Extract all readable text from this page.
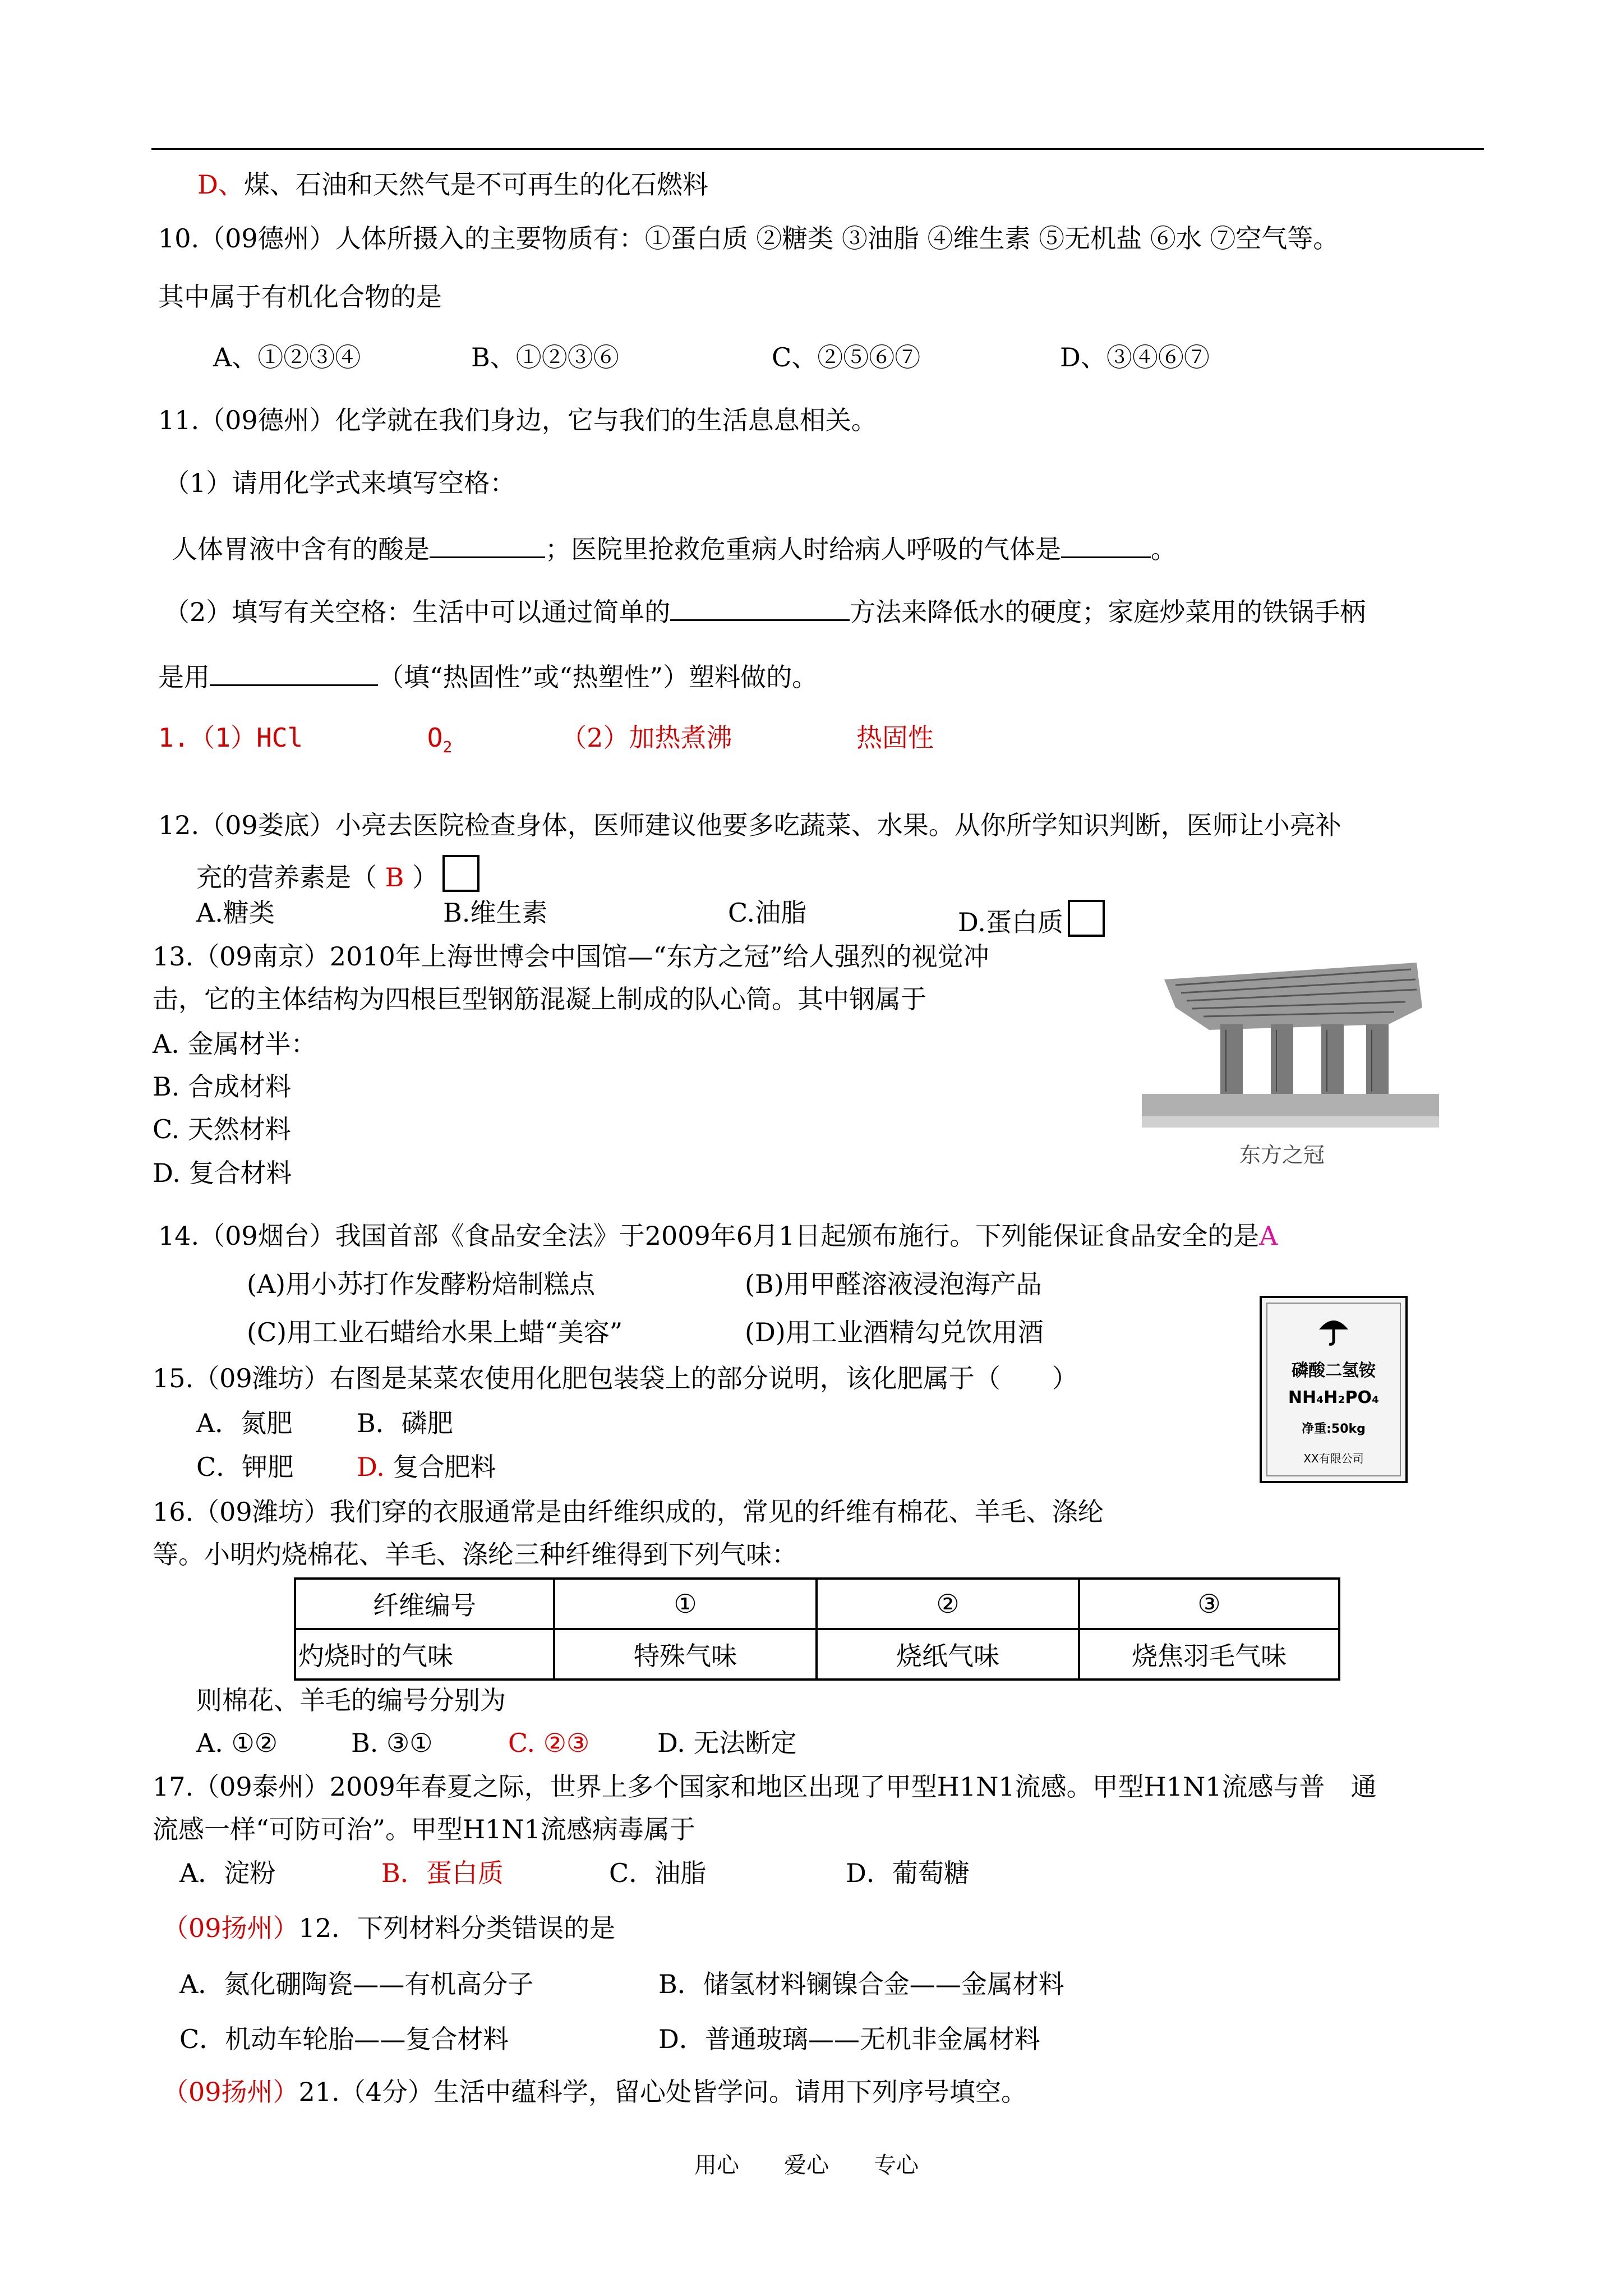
D、煤、石油和天然气是不可再生的化石燃料
10.（09德州）人体所摄入的主要物质有：①蛋白质 ②糖类 ③油脂 ④维生素 ⑤无机盐 ⑥水 ⑦空气等。
其中属于有机化合物的是
A、①②③④	B、①②③⑥	C、②⑤⑥⑦	D、③④⑥⑦
11.（09德州）化学就在我们身边，它与我们的生活息息相关。
（1）请用化学式来填写空格：
人体胃液中含有的酸是	；医院里抢救危重病人时给病人呼吸的气体是	。
（2）填写有关空格：生活中可以通过简单的	方法来降低水的硬度；家庭炒菜用的铁锅手柄
是用	（填“热固性”或“热塑性”）塑料做的。
1.（1）HCl	$O_2$	（2）加热煮沸	热固性
12.（09娄底）小亮去医院检查身体，医师建议他要多吃蔬菜、水果。从你所学知识判断，医师让小亮补
充的营养素是（ B ）
A.糖类	B.维生素	C.油脂	D.蛋白质
13.（09南京）2010年上海世博会中国馆—“东方之冠”给人强烈的视觉冲
击，它的主体结构为四根巨型钢筋混凝上制成的队心筒。其中钢属于
A. 金属材半：
B. 合成材料
C. 天然材料
D. 复合材料
东方之冠
14.（09烟台）我国首部《食品安全法》于2009年6月1日起颁布施行。下列能保证食品安全的是A
(A)用小苏打作发酵粉焙制糕点	(B)用甲醛溶液浸泡海产品
(C)用工业石蜡给水果上蜡“美容”	(D)用工业酒精勾兑饮用酒
磷酸二氢铵
NH₄H₂PO₄
净重:50kg
XX有限公司
15.（09潍坊）右图是某菜农使用化肥包装袋上的部分说明，该化肥属于（　　）
A．氮肥 B．磷肥
C．钾肥 D. 复合肥料
16.（09潍坊）我们穿的衣服通常是由纤维织成的，常见的纤维有棉花、羊毛、涤纶
等。小明灼烧棉花、羊毛、涤纶三种纤维得到下列气味：
纤维编号	①	②	③
灼烧时的气味	特殊气味	烧纸气味	烧焦羽毛气味
则棉花、羊毛的编号分别为
A. ①②	B. ③①	C. ②③	D. 无法断定
17.（09泰州）2009年春夏之际，世界上多个国家和地区出现了甲型H1N1流感。甲型H1N1流感与普　通
流感一样“可防可治”。甲型H1N1流感病毒属于
A．淀粉	B．蛋白质	C．油脂	D．葡萄糖
（09扬州）12．下列材料分类错误的是
A．氮化硼陶瓷——有机高分子	B．储氢材料镧镍合金——金属材料
C．机动车轮胎——复合材料	D．普通玻璃——无机非金属材料
（09扬州）21.（4分）生活中蕴科学，留心处皆学问。请用下列序号填空。
用心　　爱心　　专心
